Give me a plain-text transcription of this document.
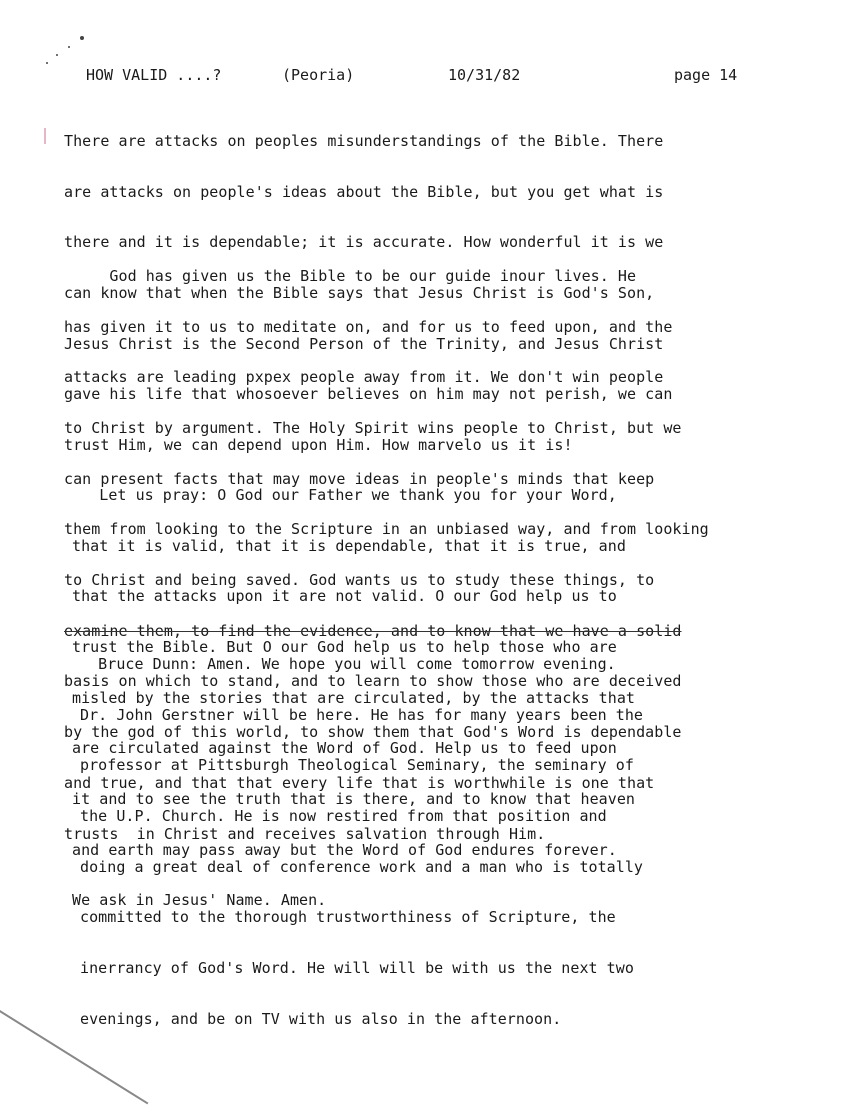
HOW VALID ....?

	(Peoria)

	10/31/82

	page 14

There are attacks on peoples misunderstandings of the Bible. There

are attacks on people's ideas about the Bible, but you get what is

there and it is dependable; it is accurate. How wonderful it is we

can know that when the Bible says that Jesus Christ is God's Son,

Jesus Christ is the Second Person of the Trinity, and Jesus Christ

gave his life that whosoever believes on him may not perish, we can

trust Him, we can depend upon Him. How marvelo us it is!

God has given us the Bible to be our guide inour lives. He

has given it to us to meditate on, and for us to feed upon, and the

attacks are leading pxpex people away from it. We don't win people

to Christ by argument. The Holy Spirit wins people to Christ, but we

can present facts that may move ideas in people's minds that keep

them from looking to the Scripture in an unbiased way, and from looking

to Christ and being saved. God wants us to study these things, to

examine them, to find the evidence, and to know that we have a solid

basis on which to stand, and to learn to show those who are deceived

by the god of this world, to show them that God's Word is dependable

and true, and that that every life that is worthwhile is one that

trusts  in Christ and receives salvation through Him.

Let us pray: O God our Father we thank you for your Word,

that it is valid, that it is dependable, that it is true, and

that the attacks upon it are not valid. O our God help us to

trust the Bible. But O our God help us to help those who are

misled by the stories that are circulated, by the attacks that

are circulated against the Word of God. Help us to feed upon

it and to see the truth that is there, and to know that heaven

and earth may pass away but the Word of God endures forever.

We ask in Jesus' Name. Amen.

Bruce Dunn: Amen. We hope you will come tomorrow evening.

Dr. John Gerstner will be here. He has for many years been the

professor at Pittsburgh Theological Seminary, the seminary of

the U.P. Church. He is now restired from that position and

doing a great deal of conference work and a man who is totally

committed to the thorough trustworthiness of Scripture, the

inerrancy of God's Word. He will will be with us the next two

evenings, and be on TV with us also in the afternoon.
